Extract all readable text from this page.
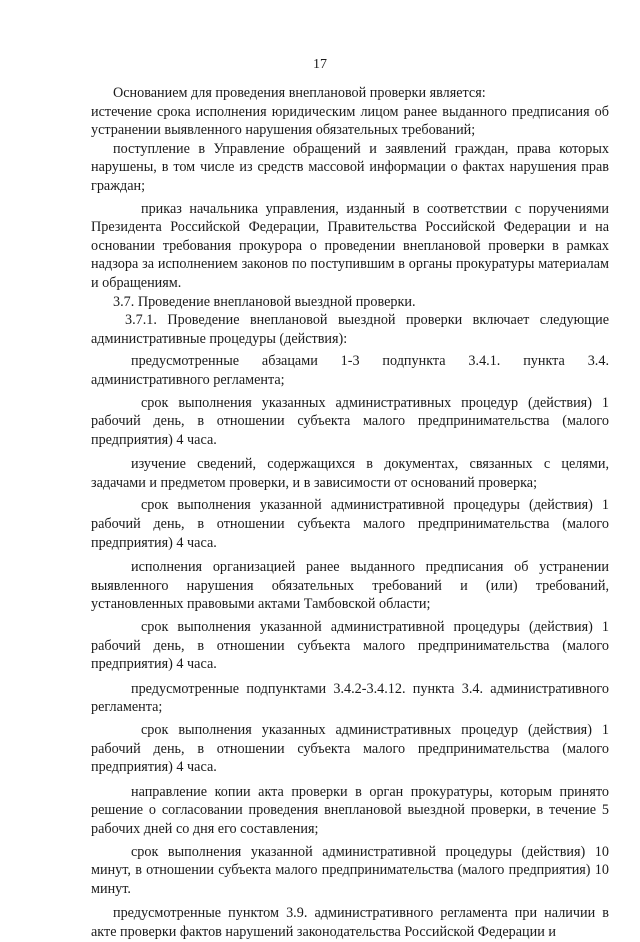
17

Основанием для проведения внеплановой проверки является:

истечение срока исполнения юридическим лицом ранее выданного предписания об устранении выявленного нарушения обязательных требований;

поступление в Управление обращений и заявлений граждан, права которых нарушены, в том числе из средств массовой информации о фактах нарушения прав граждан;

приказ начальника управления, изданный в соответствии с поручениями Президента Российской Федерации, Правительства Российской Федерации и на основании требования прокурора о проведении внеплановой проверки в рамках надзора за исполнением законов по поступившим в органы прокуратуры материалам и обращениям.

3.7. Проведение внеплановой выездной проверки.

3.7.1. Проведение внеплановой выездной проверки включает следующие административные процедуры (действия):

предусмотренные абзацами 1-3 подпункта 3.4.1. пункта 3.4. административного регламента;

срок выполнения указанных административных процедур (действия) 1 рабочий день, в отношении субъекта малого предпринимательства (малого предприятия) 4 часа.

изучение сведений, содержащихся в документах, связанных с целями, задачами и предметом проверки, и в зависимости от оснований проверка;

срок выполнения указанной административной процедуры (действия) 1 рабочий день, в отношении субъекта малого предпринимательства (малого предприятия) 4 часа.

исполнения организацией ранее выданного предписания об устранении выявленного нарушения обязательных требований и (или) требований, установленных правовыми актами Тамбовской области;

срок выполнения указанной административной процедуры (действия) 1 рабочий день, в отношении субъекта малого предпринимательства (малого предприятия) 4 часа.

предусмотренные подпунктами 3.4.2-3.4.12. пункта 3.4. административного регламента;

срок выполнения указанных административных процедур (действия) 1 рабочий день, в отношении субъекта малого предпринимательства (малого предприятия) 4 часа.

направление копии акта проверки в орган прокуратуры, которым принято решение о согласовании проведения внеплановой выездной проверки, в течение 5 рабочих дней со дня его составления;

срок выполнения указанной административной процедуры (действия) 10 минут, в отношении субъекта малого предпринимательства (малого предприятия) 10 минут.

предусмотренные пунктом 3.9. административного регламента при наличии в акте проверки фактов нарушений законодательства Российской Федерации и
